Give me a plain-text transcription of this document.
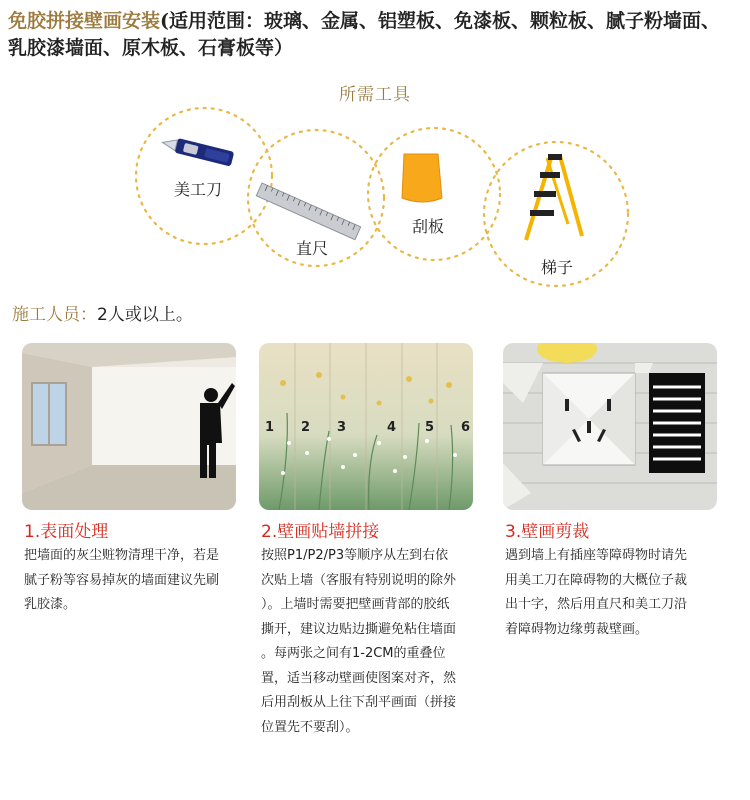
免胶拼接壁画安装(适用范围：玻璃、金属、铝塑板、免漆板、颗粒板、腻子粉墙面、
乳胶漆墙面、原木板、石膏板等）
所需工具
美工刀
直尺
刮板
梯子
施工人员：2人或以上。
1 2 3	4 5 6
1.表面处理
把墙面的灰尘赃物清理干净，若是
腻子粉等容易掉灰的墙面建议先刷
乳胶漆。
2.壁画贴墙拼接
按照P1/P2/P3等顺序从左到右依
次贴上墙（客服有特别说明的除外
）。上墙时需要把壁画背部的胶纸
撕开，建议边贴边撕避免粘住墙面
。每两张之间有1-2CM的重叠位
置，适当移动壁画使图案对齐，然
后用刮板从上往下刮平画面（拼接
位置先不要刮）。
3.壁画剪裁
遇到墙上有插座等障碍物时请先
用美工刀在障碍物的大概位子裁
出十字，然后用直尺和美工刀沿
着障碍物边缘剪裁壁画。
